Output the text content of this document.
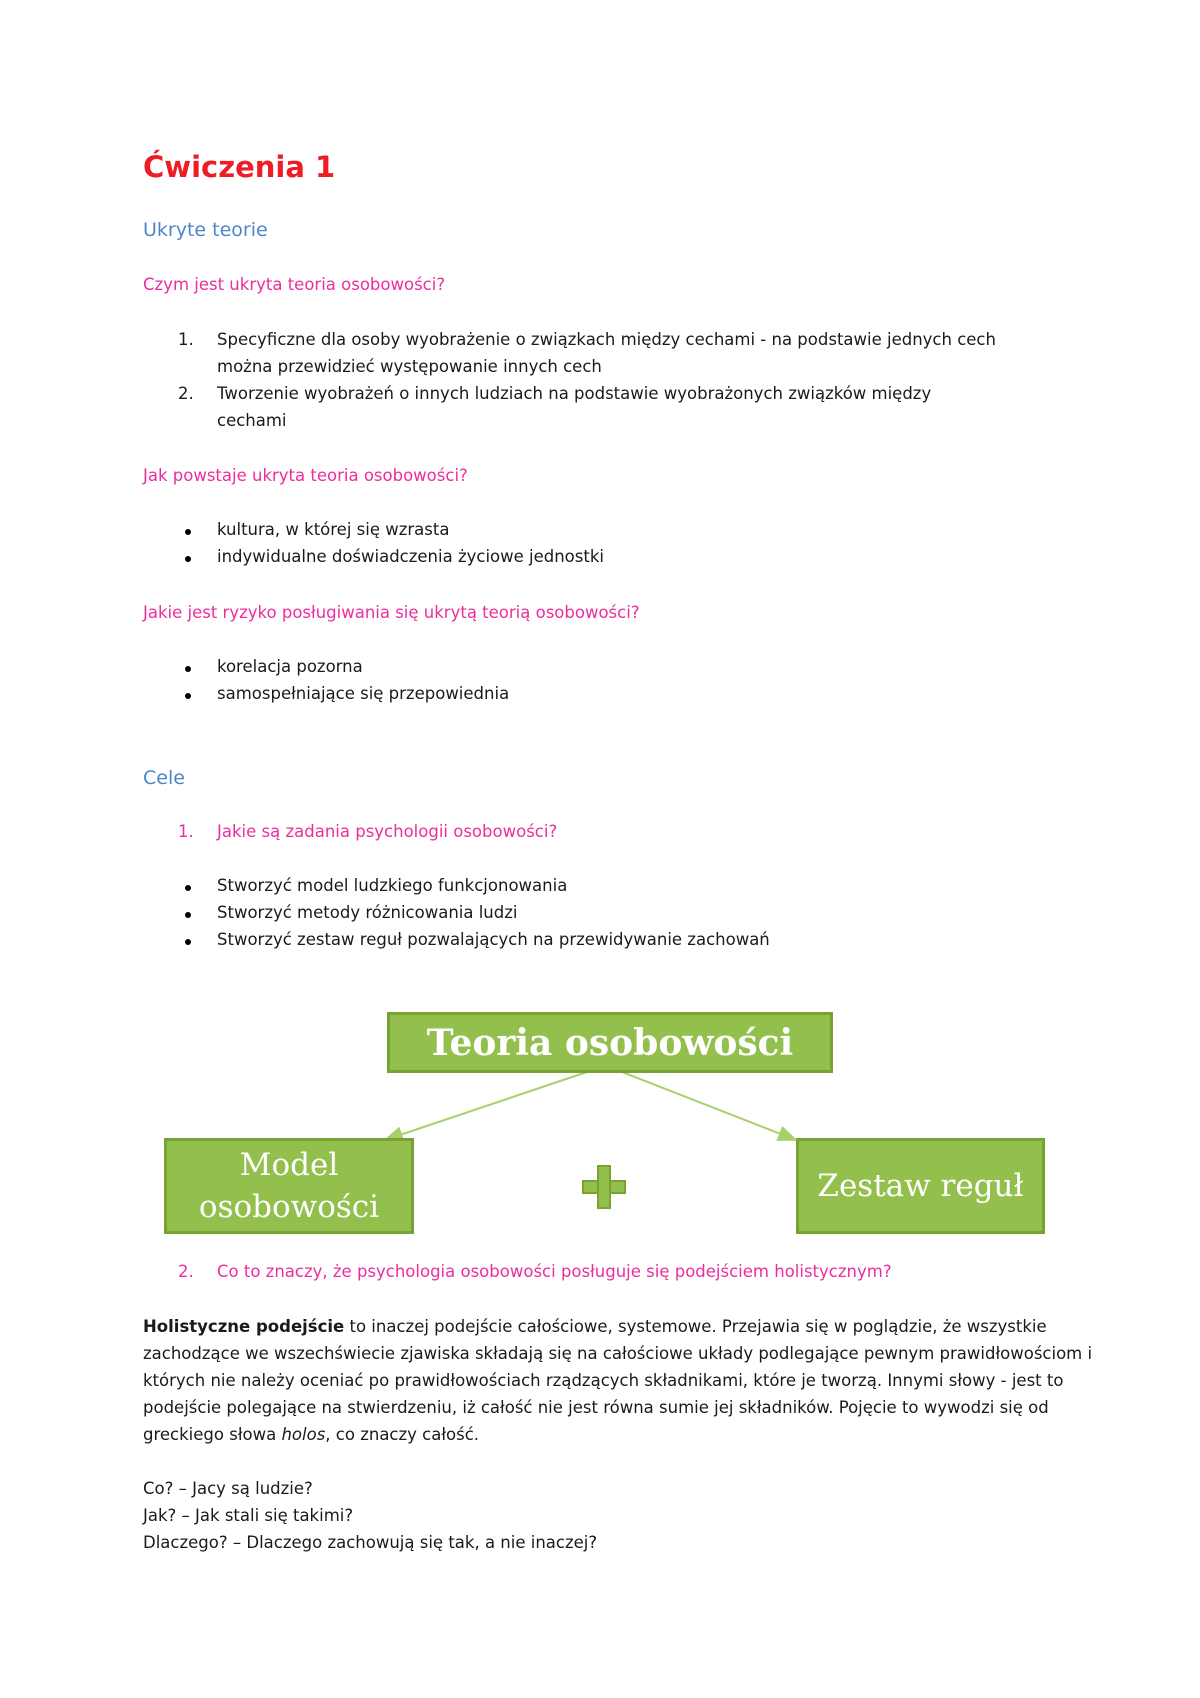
Ćwiczenia 1
Ukryte teorie
Czym jest ukryta teoria osobowości?
1. Specyficzne dla osoby wyobrażenie o związkach między cechami - na podstawie jednych cech
można przewidzieć występowanie innych cech
2. Tworzenie wyobrażeń o innych ludziach na podstawie wyobrażonych związków między
cechami
Jak powstaje ukryta teoria osobowości?
kultura, w której się wzrasta
indywidualne doświadczenia życiowe jednostki
Jakie jest ryzyko posługiwania się ukrytą teorią osobowości?
korelacja pozorna
samospełniające się przepowiednia
Cele
1. Jakie są zadania psychologii osobowości?
Stworzyć model ludzkiego funkcjonowania
Stworzyć metody różnicowania ludzi
Stworzyć zestaw reguł pozwalających na przewidywanie zachowań
Teoria osobowości
Model
osobowości
Zestaw reguł
2. Co to znaczy, że psychologia osobowości posługuje się podejściem holistycznym?
Holistyczne podejście to inaczej podejście całościowe, systemowe. Przejawia się w poglądzie, że wszystkie zachodzące we wszechświecie zjawiska składają się na całościowe układy podlegające pewnym prawidłowościom i których nie należy oceniać po prawidłowościach rządzących składnikami, które je tworzą. Innymi słowy - jest to podejście polegające na stwierdzeniu, iż całość nie jest równa sumie jej składników. Pojęcie to wywodzi się od greckiego słowa holos, co znaczy całość.
Co? – Jacy są ludzie?
Jak? – Jak stali się takimi?
Dlaczego? – Dlaczego zachowują się tak, a nie inaczej?
